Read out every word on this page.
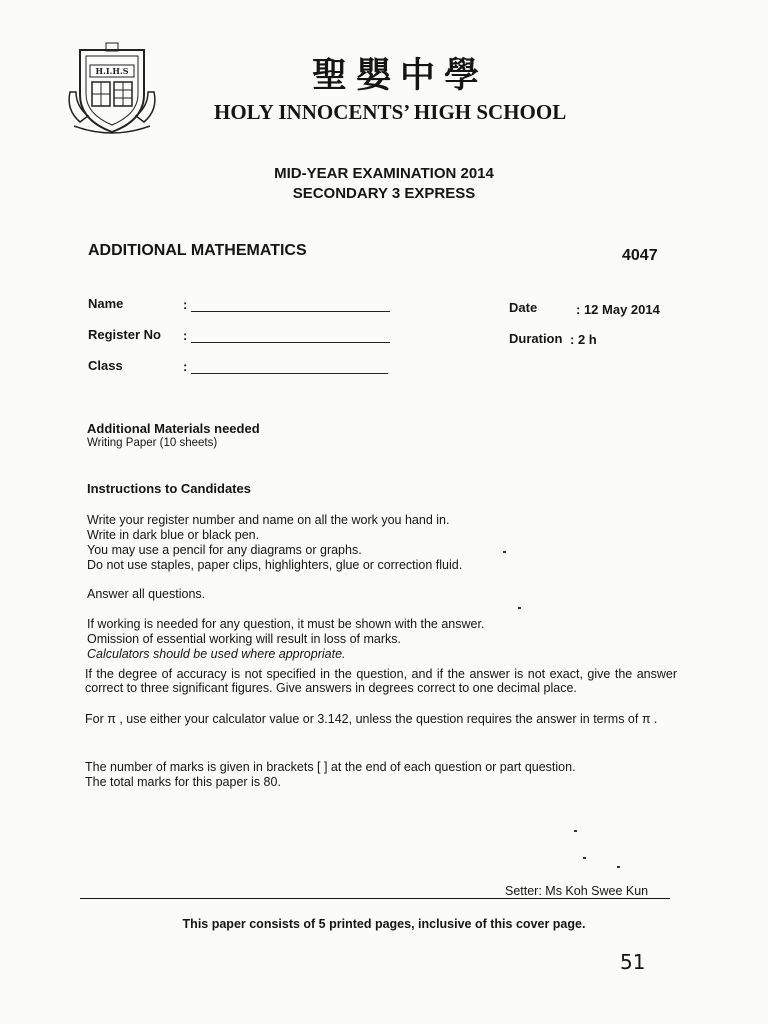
H.I.H.S	聖嬰中學
HOLY INNOCENTS’ HIGH SCHOOL
MID-YEAR EXAMINATION 2014
SECONDARY 3 EXPRESS
ADDITIONAL MATHEMATICS	4047
Name	:
Register No :
Class	:
Date	: 12 May 2014
Duration : 2 h
Additional Materials needed
Writing Paper (10 sheets)
Instructions to Candidates
Write your register number and name on all the work you hand in.
Write in dark blue or black pen.
You may use a pencil for any diagrams or graphs.
Do not use staples, paper clips, highlighters, glue or correction fluid.
Answer all questions.
If working is needed for any question, it must be shown with the answer.
Omission of essential working will result in loss of marks.
Calculators should be used where appropriate.
If the degree of accuracy is not specified in the question, and if the answer is not exact, give the answer correct to three significant figures. Give answers in degrees correct to one decimal place.
For π , use either your calculator value or 3.142, unless the question requires the answer in terms of π .
The number of marks is given in brackets [ ] at the end of each question or part question.
The total marks for this paper is 80.
Setter: Ms Koh Swee Kun
This paper consists of 5 printed pages, inclusive of this cover page.
51
